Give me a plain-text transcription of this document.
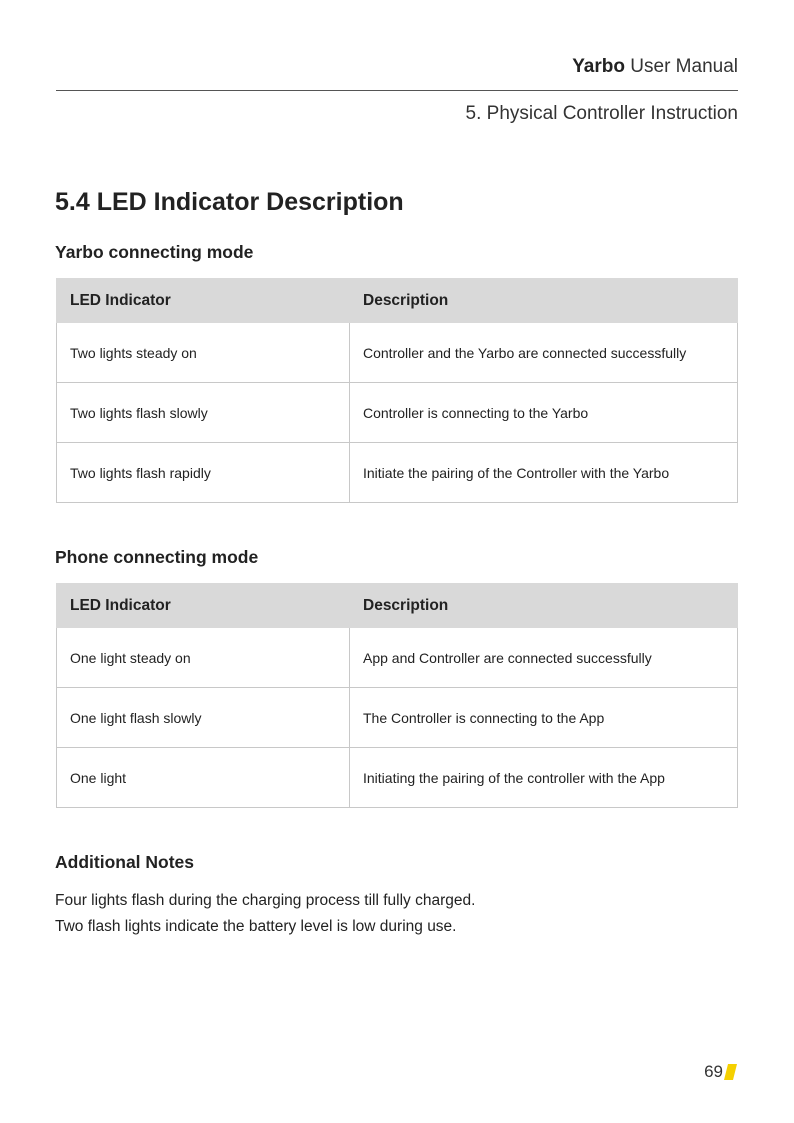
Yarbo User Manual
5. Physical Controller Instruction
5.4 LED Indicator Description
Yarbo connecting mode
LED Indicator	Description
Two lights steady on	Controller and the Yarbo are connected successfully
Two lights flash slowly	Controller is connecting to the Yarbo
Two lights flash rapidly	Initiate the pairing of the Controller with the Yarbo
Phone connecting mode
LED Indicator	Description
One light steady on	App and Controller are connected successfully
One light flash slowly	The Controller is connecting to the App
One light	Initiating the pairing of the controller with the App
Additional Notes
Four lights flash during the charging process till fully charged.
Two flash lights indicate the battery level is low during use.
69
